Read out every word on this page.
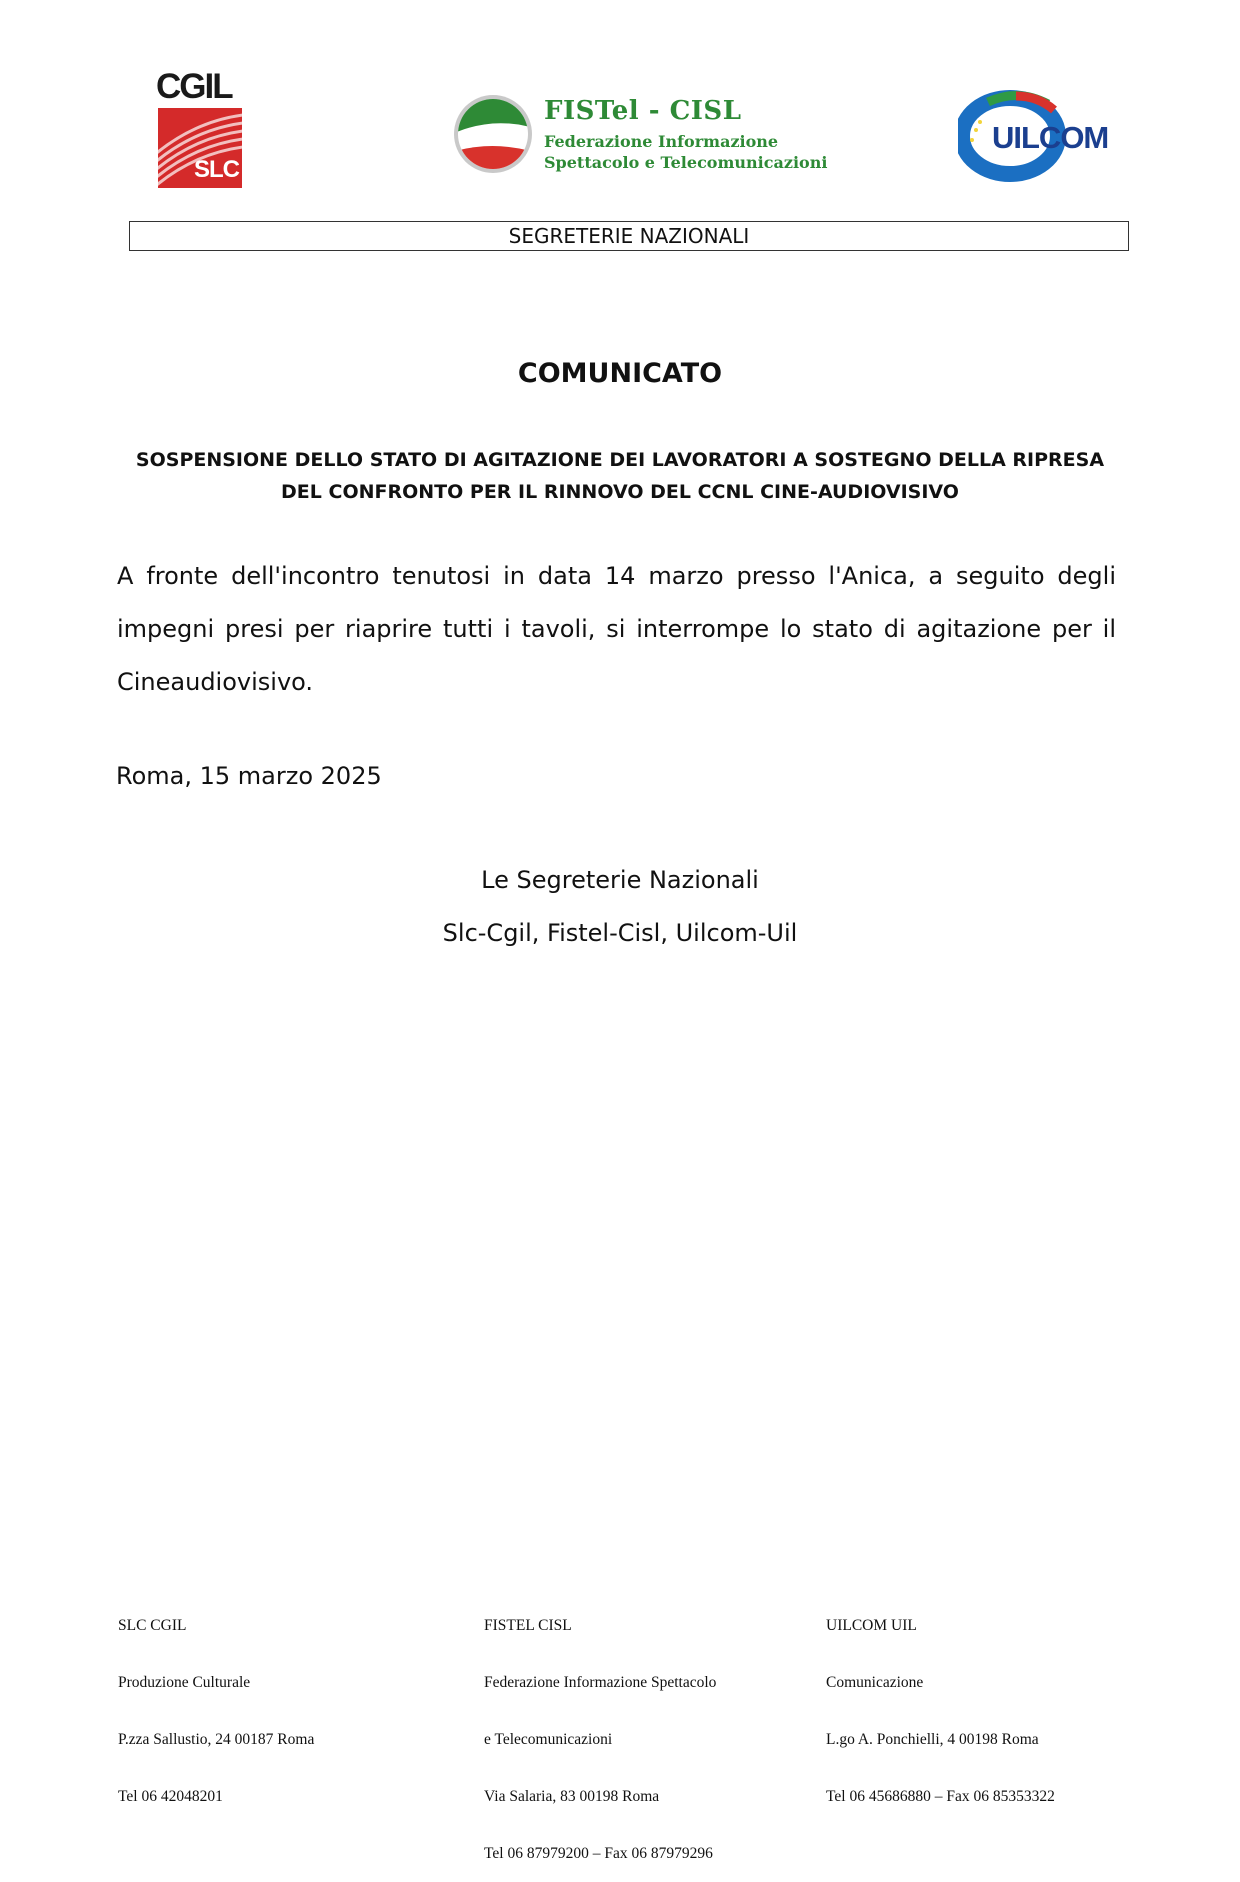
CGIL
SLC
FISTel - CISL
Federazione Informazione
Spettacolo e Telecomunicazioni
UILCOM
SEGRETERIE NAZIONALI
COMUNICATO
SOSPENSIONE DELLO STATO DI AGITAZIONE DEI LAVORATORI A SOSTEGNO DELLA RIPRESA DEL CONFRONTO PER IL RINNOVO DEL CCNL CINE-AUDIOVISIVO
A fronte dell'incontro tenutosi in data 14 marzo presso l'Anica, a seguito degli impegni presi per riaprire tutti i tavoli, si interrompe lo stato di agitazione per il Cineaudiovisivo.
Roma, 15 marzo 2025
Le Segreterie Nazionali
Slc-Cgil, Fistel-Cisl, Uilcom-Uil

SLC CGIL

Produzione Culturale

P.zza Sallustio, 24 00187 Roma

Tel 06 42048201

FISTEL CISL

Federazione Informazione Spettacolo

e Telecomunicazioni

Via Salaria, 83 00198 Roma

Tel 06 87979200 – Fax 06 87979296

UILCOM UIL

Comunicazione

L.go A. Ponchielli, 4 00198 Roma

Tel 06 45686880 – Fax 06 85353322
